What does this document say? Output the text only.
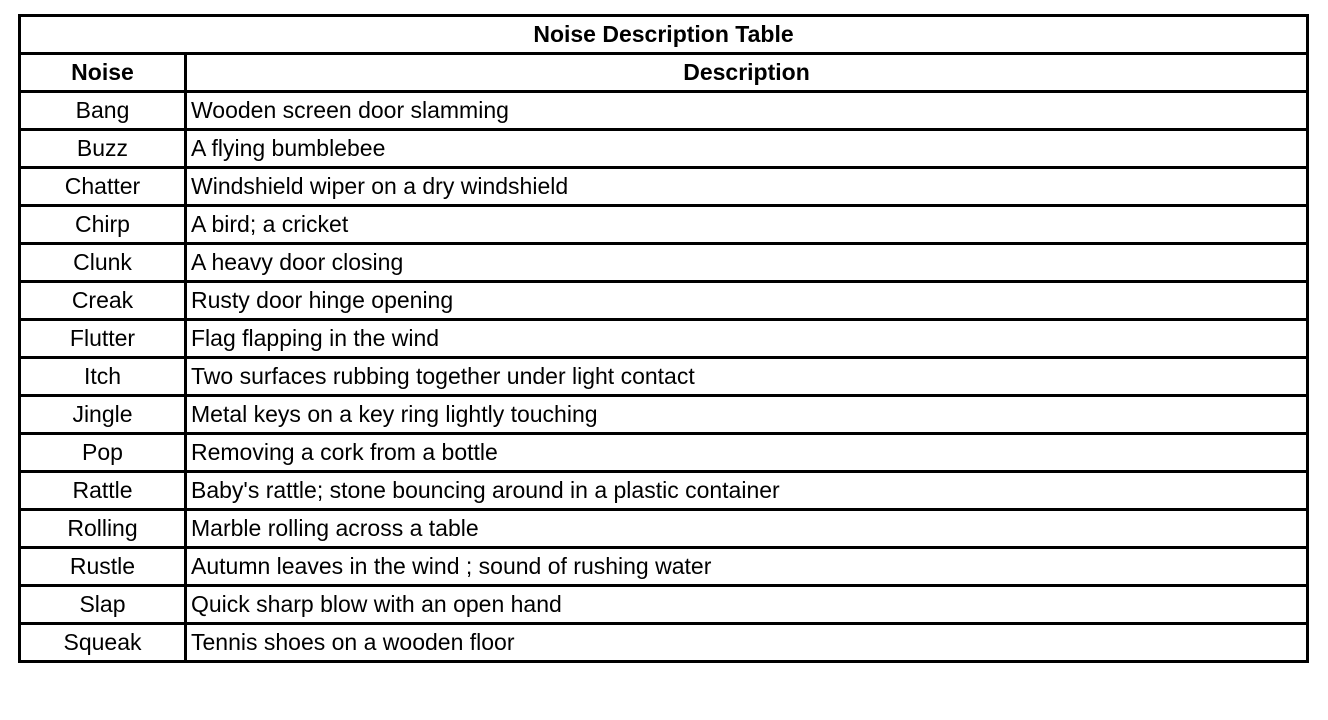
Noise Description Table	
Noise	Description
Bang	Wooden screen door slamming
Buzz	A flying bumblebee
Chatter	Windshield wiper on a dry windshield
Chirp	A bird; a cricket
Clunk	A heavy door closing
Creak	Rusty door hinge opening
Flutter	Flag flapping in the wind
Itch	Two surfaces rubbing together under light contact
Jingle	Metal keys on a key ring lightly touching
Pop	Removing a cork from a bottle
Rattle	Baby's rattle; stone bouncing around in a plastic container
Rolling	Marble rolling across a table
Rustle	Autumn leaves in the wind ; sound of rushing water
Slap	Quick sharp blow with an open hand
Squeak	Tennis shoes on a wooden floor
